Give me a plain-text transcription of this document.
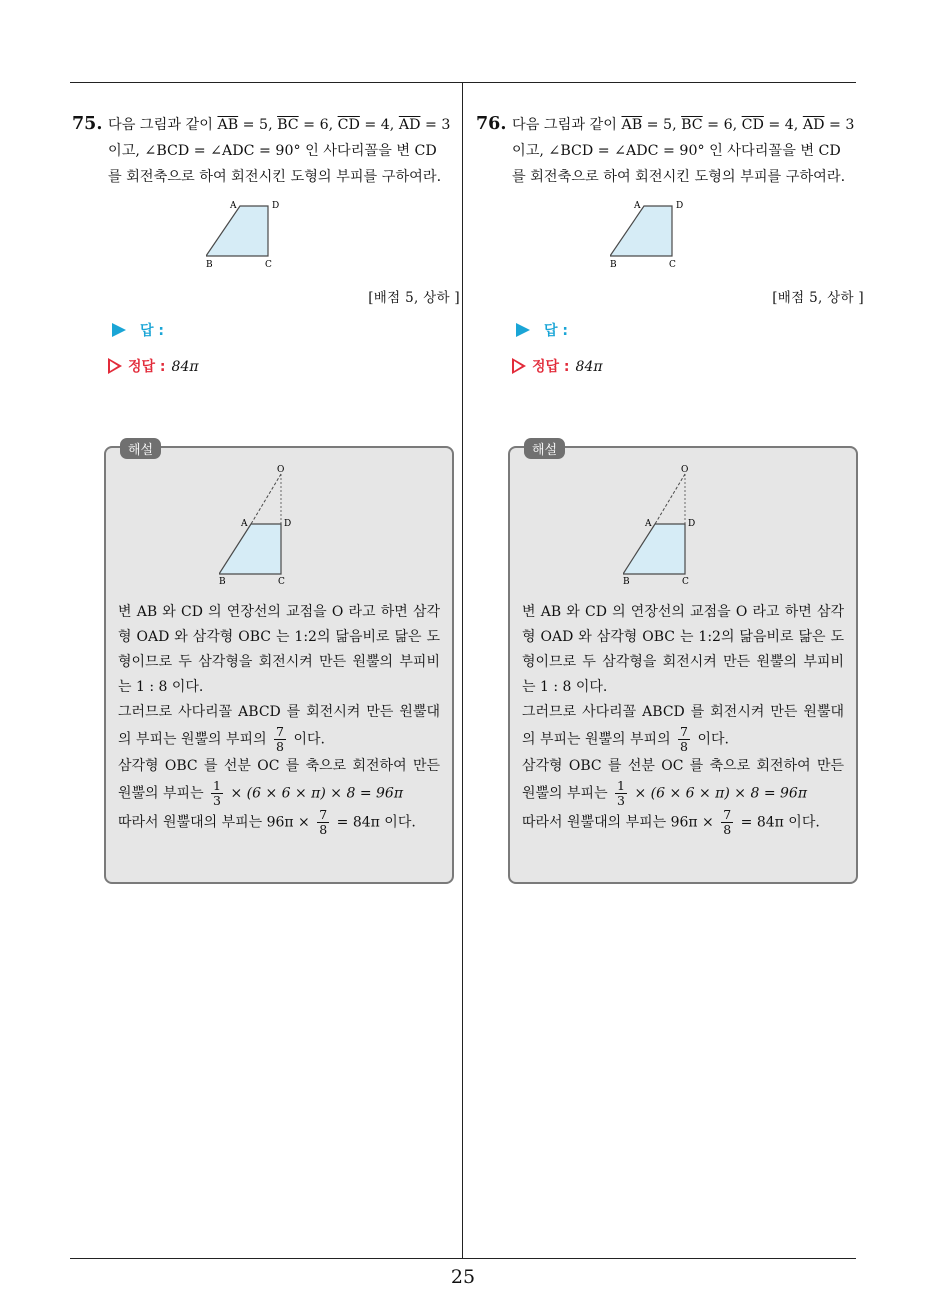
25
75. 다음 그림과 같이 $\overline{AB} = 5$, $\overline{BC} = 6$, $\overline{CD} = 4$, $\overline{AD} = 3$
이고, ∠BCD = ∠ADC = 90° 인 사다리꼴을 변 CD
를 회전축으로 하여 회전시킨 도형의 부피를 구하여라.
A	D
B	C
[배점 5, 상하 ]
답 :
정답 : 84π
해설
O
A	D
B	C
변 AB 와 CD 의 연장선의 교점을 O 라고 하면 삼각형 OAD 와 삼각형 OBC 는 1:2의 닮음비로 닮은 도형이므로 두 삼각형을 회전시켜 만든 원뿔의 부피비는 1 : 8 이다.
그러므로 사다리꼴 ABCD 를 회전시켜 만든 원뿔대의 부피는 원뿔의 부피의 $\frac{7}{8}$ 이다.
삼각형 OBC 를 선분 OC 를 축으로 회전하여 만든 원뿔의 부피는 $\frac{1}{3} \times (6 \times 6 \times \pi) \times 8 = 96\pi$
따라서 원뿔대의 부피는 $96\pi \times \frac{7}{8} = 84\pi$ 이다.
76. 다음 그림과 같이 $\overline{AB} = 5$, $\overline{BC} = 6$, $\overline{CD} = 4$, $\overline{AD} = 3$
이고, ∠BCD = ∠ADC = 90° 인 사다리꼴을 변 CD
를 회전축으로 하여 회전시킨 도형의 부피를 구하여라.
A	D
B	C
[배점 5, 상하 ]
답 :
정답 : 84π
해설
O
A	D
B	C
변 AB 와 CD 의 연장선의 교점을 O 라고 하면 삼각형 OAD 와 삼각형 OBC 는 1:2의 닮음비로 닮은 도형이므로 두 삼각형을 회전시켜 만든 원뿔의 부피비는 1 : 8 이다.
그러므로 사다리꼴 ABCD 를 회전시켜 만든 원뿔대의 부피는 원뿔의 부피의 $\frac{7}{8}$ 이다.
삼각형 OBC 를 선분 OC 를 축으로 회전하여 만든 원뿔의 부피는 $\frac{1}{3} \times (6 \times 6 \times \pi) \times 8 = 96\pi$
따라서 원뿔대의 부피는 $96\pi \times \frac{7}{8} = 84\pi$ 이다.
